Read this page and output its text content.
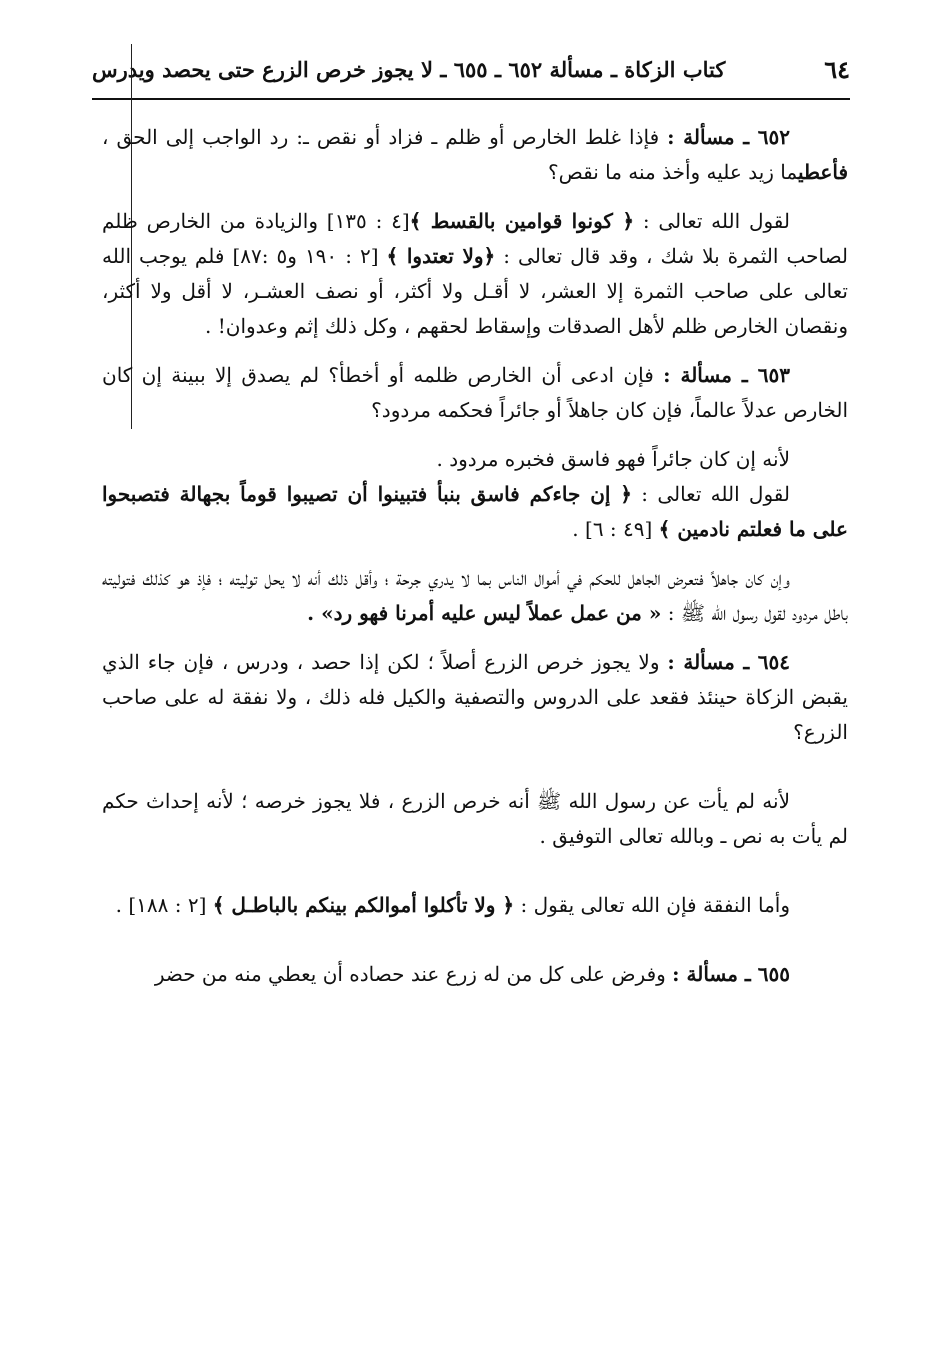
٦٤
كتاب الزكاة ـ مسألة ٦٥٢ ـ ٦٥٥ ـ لا يجوز خرص الزرع حتى يحصد ويدرس

٦٥٢ ـ مسألة : فإذا غلط الخارص أو ظلم ـ فزاد أو نقص ـ: رد الواجب إلى الحق ، فأعطيما زيد عليه وأخذ منه ما نقص؟

لقول الله تعالى : ﴿ كونوا قوامين بالقسط ﴾[٤ : ١٣٥] والزيادة من الخارص ظلم لصاحب الثمرة بلا شك ، وقد قال تعالى : ﴿ولا تعتدوا ﴾ [٢ : ١٩٠ و٥ :٨٧] فلم يوجب الله تعالى على صاحب الثمرة إلا العشر، لا أقـل ولا أكثر، أو نصف العشـر، لا أقل ولا أكثر، ونقصان الخارص ظلم لأهل الصدقات وإسقاط لحقهم ، وكل ذلك إثم وعدوان! .

٦٥٣ ـ مسألة : فإن ادعى أن الخارص ظلمه أو أخطأ؟ لم يصدق إلا ببينة إن كان الخارص عدلاً عالماً، فإن كان جاهلاً أو جائراً فحكمه مردود؟

لأنه إن كان جائراً فهو فاسق فخبره مردود .

لقول الله تعالى : ﴿ إن جاءكم فاسق بنبأ فتبينوا أن تصيبوا قوماً بجهالة فتصبحوا على ما فعلتم نادمين ﴾ [٤٩ : ٦] .

وإن كان جاهلاً فتعرض الجاهل للحكم في أموال الناس بما لا يدري جرحة ؛ وأقل ذلك أنه لا يحل توليته ؛ فإذ هو كذلك فتوليته باطل مردود لقول رسول الله ﷺ : « من عمل عملاً ليس عليه أمرنا فهو رد» .

٦٥٤ ـ مسألة : ولا يجوز خرص الزرع أصلاً ؛ لكن إذا حصد ، ودرس ، فإن جاء الذي يقبض الزكاة حينئذ فقعد على الدروس والتصفية والكيل فله ذلك ، ولا نفقة له على صاحب الزرع؟

لأنه لم يأت عن رسول الله ﷺ أنه خرص الزرع ، فلا يجوز خرصه ؛ لأنه إحداث حكم لم يأت به نص ـ وبالله تعالى التوفيق .

وأما النفقة فإن الله تعالى يقول : ﴿ ولا تأكلوا أموالكم بينكم بالباطـل ﴾ [٢ : ١٨٨] .

٦٥٥ ـ مسألة : وفرض على كل من له زرع عند حصاده أن يعطي منه من حضر
